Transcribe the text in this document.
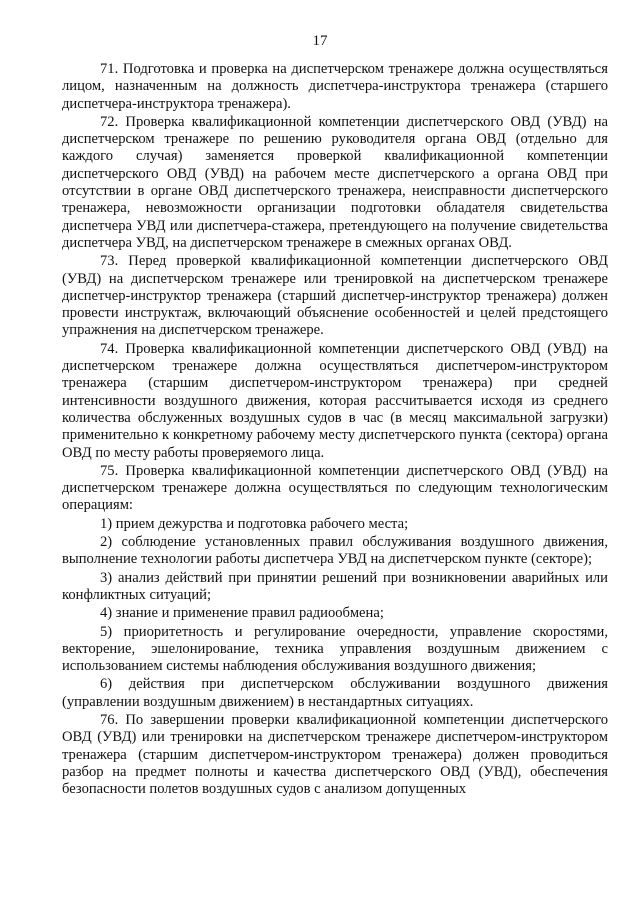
17

71. Подготовка и проверка на диспетчерском тренажере должна осуществляться лицом, назначенным на должность диспетчера-инструктора тренажера (старшего диспетчера-инструктора тренажера).

72. Проверка квалификационной компетенции диспетчерского ОВД (УВД) на диспетчерском тренажере по решению руководителя органа ОВД (отдельно для каждого случая) заменяется проверкой квалификационной компетенции диспетчерского ОВД (УВД) на рабочем месте диспетчерского а органа ОВД при отсутствии в органе ОВД диспетчерского тренажера, неисправности диспетчерского тренажера, невозможности организации подготовки обладателя свидетельства диспетчера УВД или диспетчера-стажера, претендующего на получение свидетельства диспетчера УВД, на диспетчерском тренажере в смежных органах ОВД.

73. Перед проверкой квалификационной компетенции диспетчерского ОВД (УВД) на диспетчерском тренажере или тренировкой на диспетчерском тренажере диспетчер-инструктор тренажера (старший диспетчер-инструктор тренажера) должен провести инструктаж, включающий объяснение особенностей и целей предстоящего упражнения на диспетчерском тренажере.

74. Проверка квалификационной компетенции диспетчерского ОВД (УВД) на диспетчерском тренажере должна осуществляться диспетчером-инструктором тренажера (старшим диспетчером-инструктором тренажера) при средней интенсивности воздушного движения, которая рассчитывается исходя из среднего количества обслуженных воздушных судов в час (в месяц максимальной загрузки) применительно к конкретному рабочему месту диспетчерского пункта (сектора) органа ОВД по месту работы проверяемого лица.

75. Проверка квалификационной компетенции диспетчерского ОВД (УВД) на диспетчерском тренажере должна осуществляться по следующим технологическим операциям:

1) прием дежурства и подготовка рабочего места;

2) соблюдение установленных правил обслуживания воздушного движения, выполнение технологии работы диспетчера УВД на диспетчерском пункте (секторе);

3) анализ действий при принятии решений при возникновении аварийных или конфликтных ситуаций;

4) знание и применение правил радиообмена;

5) приоритетность и регулирование очередности, управление скоростями, векторение, эшелонирование, техника управления воздушным движением с использованием системы наблюдения обслуживания воздушного движения;

6) действия при диспетчерском обслуживании воздушного движения (управлении воздушным движением) в нестандартных ситуациях.

76. По завершении проверки квалификационной компетенции диспетчерского ОВД (УВД) или тренировки на диспетчерском тренажере диспетчером-инструктором тренажера (старшим диспетчером-инструктором тренажера) должен проводиться разбор на предмет полноты и качества диспетчерского ОВД (УВД), обеспечения безопасности полетов воздушных судов с анализом допущенных
